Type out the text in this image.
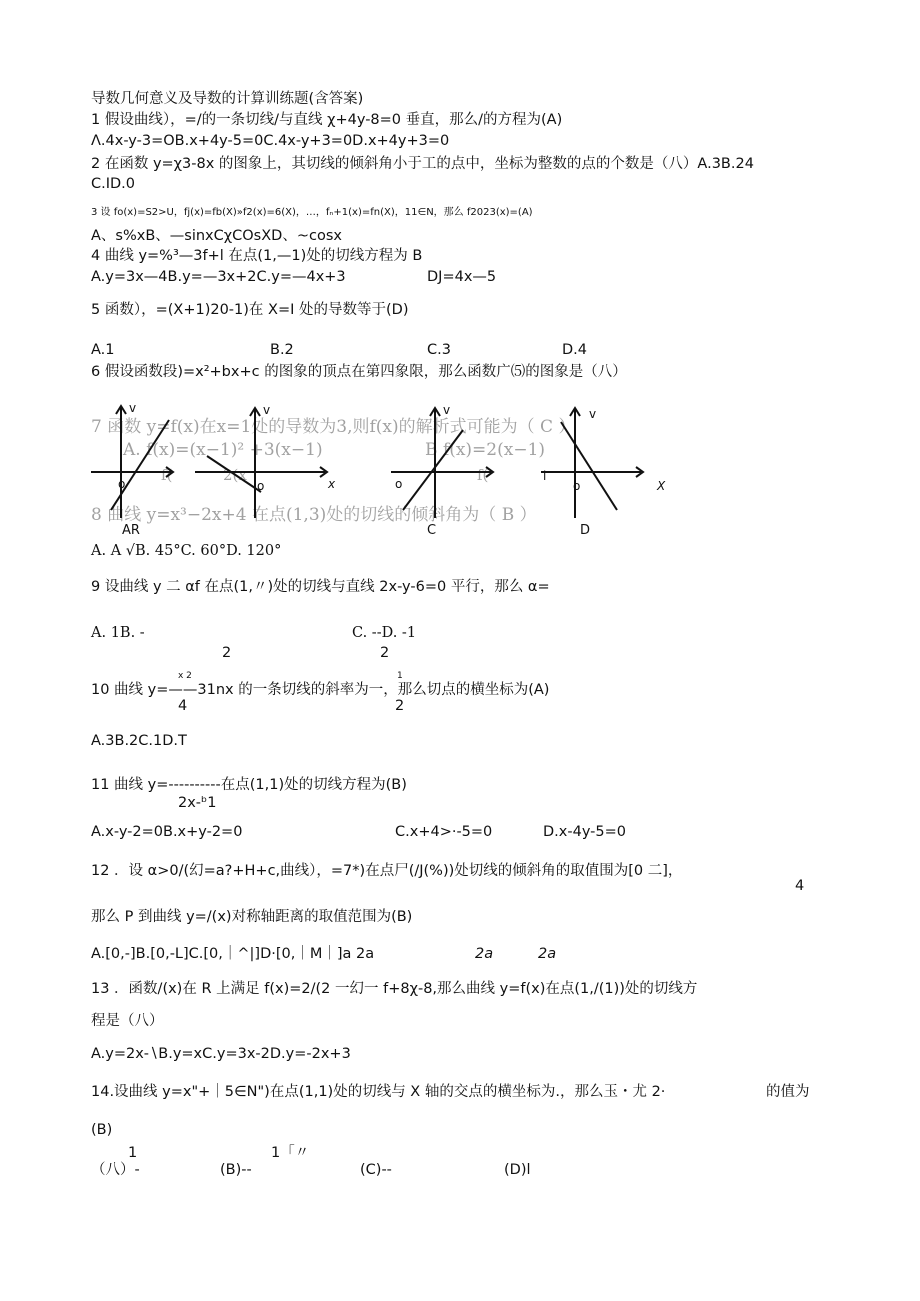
导数几何意义及导数的计算训练题(含答案)
1 假设曲线），=/的一条切线/与直线 χ+4y-8=0 垂直，那么/的方程为(A)
Λ.4x-y-3=OB.x+4y-5=0C.4x-y+3=0D.x+4y+3=0
2 在函数 y=χ3-8x 的图象上，其切线的倾斜角小于工的点中，坐标为整数的点的个数是（八）A.3B.24
C.ID.0
3 设 fo(x)=S2>U，fj(x)=fb(X)»f2(x)=6(X)，…，fₙ+1(x)=fn(X)，11∈N，那么 f2023(x)=(A)
A、s%xB、—sinxCχCOsXD、~cosx
4 曲线 y=%³—3f+l 在点(1,—1)处的切线方程为 B
A.y=3x—4B.y=—3x+2C.y=—4x+3	DJ=4x—5
5 函数），=(X+1)20-1)在 X=I 处的导数等于(D)
A.1	B.2	C.3	D.4
6 假设函数段)=x²+bx+c 的图象的顶点在第四象限，那么函数广⑸的图象是（八）
7 函数 y=f(x)在x=1处的导数为3,则f(x)的解析式可能为（ C ）
A. f(x)=(x−1)² +3(x−1)	B f(x)=2(x−1)
8 曲线 y=x³−2x+4 在点(1,3)处的切线的倾斜角为（ B ）
f(	2(x	f(
v
o
v
o	x
v
o
v
o
l
X
AR	C	D
A. A √B. 45°C. 60°D. 120°
9 设曲线 y 二 αf 在点(1,〃)处的切线与直线 2x-y-6=0 平行，那么 α=
A. 1B. -	C. --D. -1
2	2
x 2	1
10 曲线 y=——31nx 的一条切线的斜率为一，那么切点的横坐标为(A)
4	2
A.3B.2C.1D.T
11 曲线 y=----------在点(1,1)处的切线方程为(B)
2x-ᵇ1
A.x-y-2=0B.x+y-2=0	C.x+4>·-5=0	D.x-4y-5=0
12 ．设 α>0∕(幻=a?+H+c,曲线），=7*)在点尸(/J(%))处切线的倾斜角的取值围为[0 二]，
4
那么 P 到曲线 y=∕(x)对称轴距离的取值范围为(B)
A.[0,-]B.[0,-L]C.[0,｜^|]D·[0,｜M｜]a 2a	2a	2a
13 ．函数/(x)在 R 上满足 f(x)=2/(2 一幻一 f+8χ-8,那么曲线 y=f(x)在点(1,/(1))处的切线方
程是（八）
A.y=2x-∖B.y=xC.y=3x-2D.y=-2x+3
14.设曲线 y=x"+｜5∈N")在点(1,1)处的切线与 X 轴的交点的横坐标为.，那么玉・尤 2·	的值为
(B)
1	1「〃
（八）-	(B)--	(C)--	(D)l
